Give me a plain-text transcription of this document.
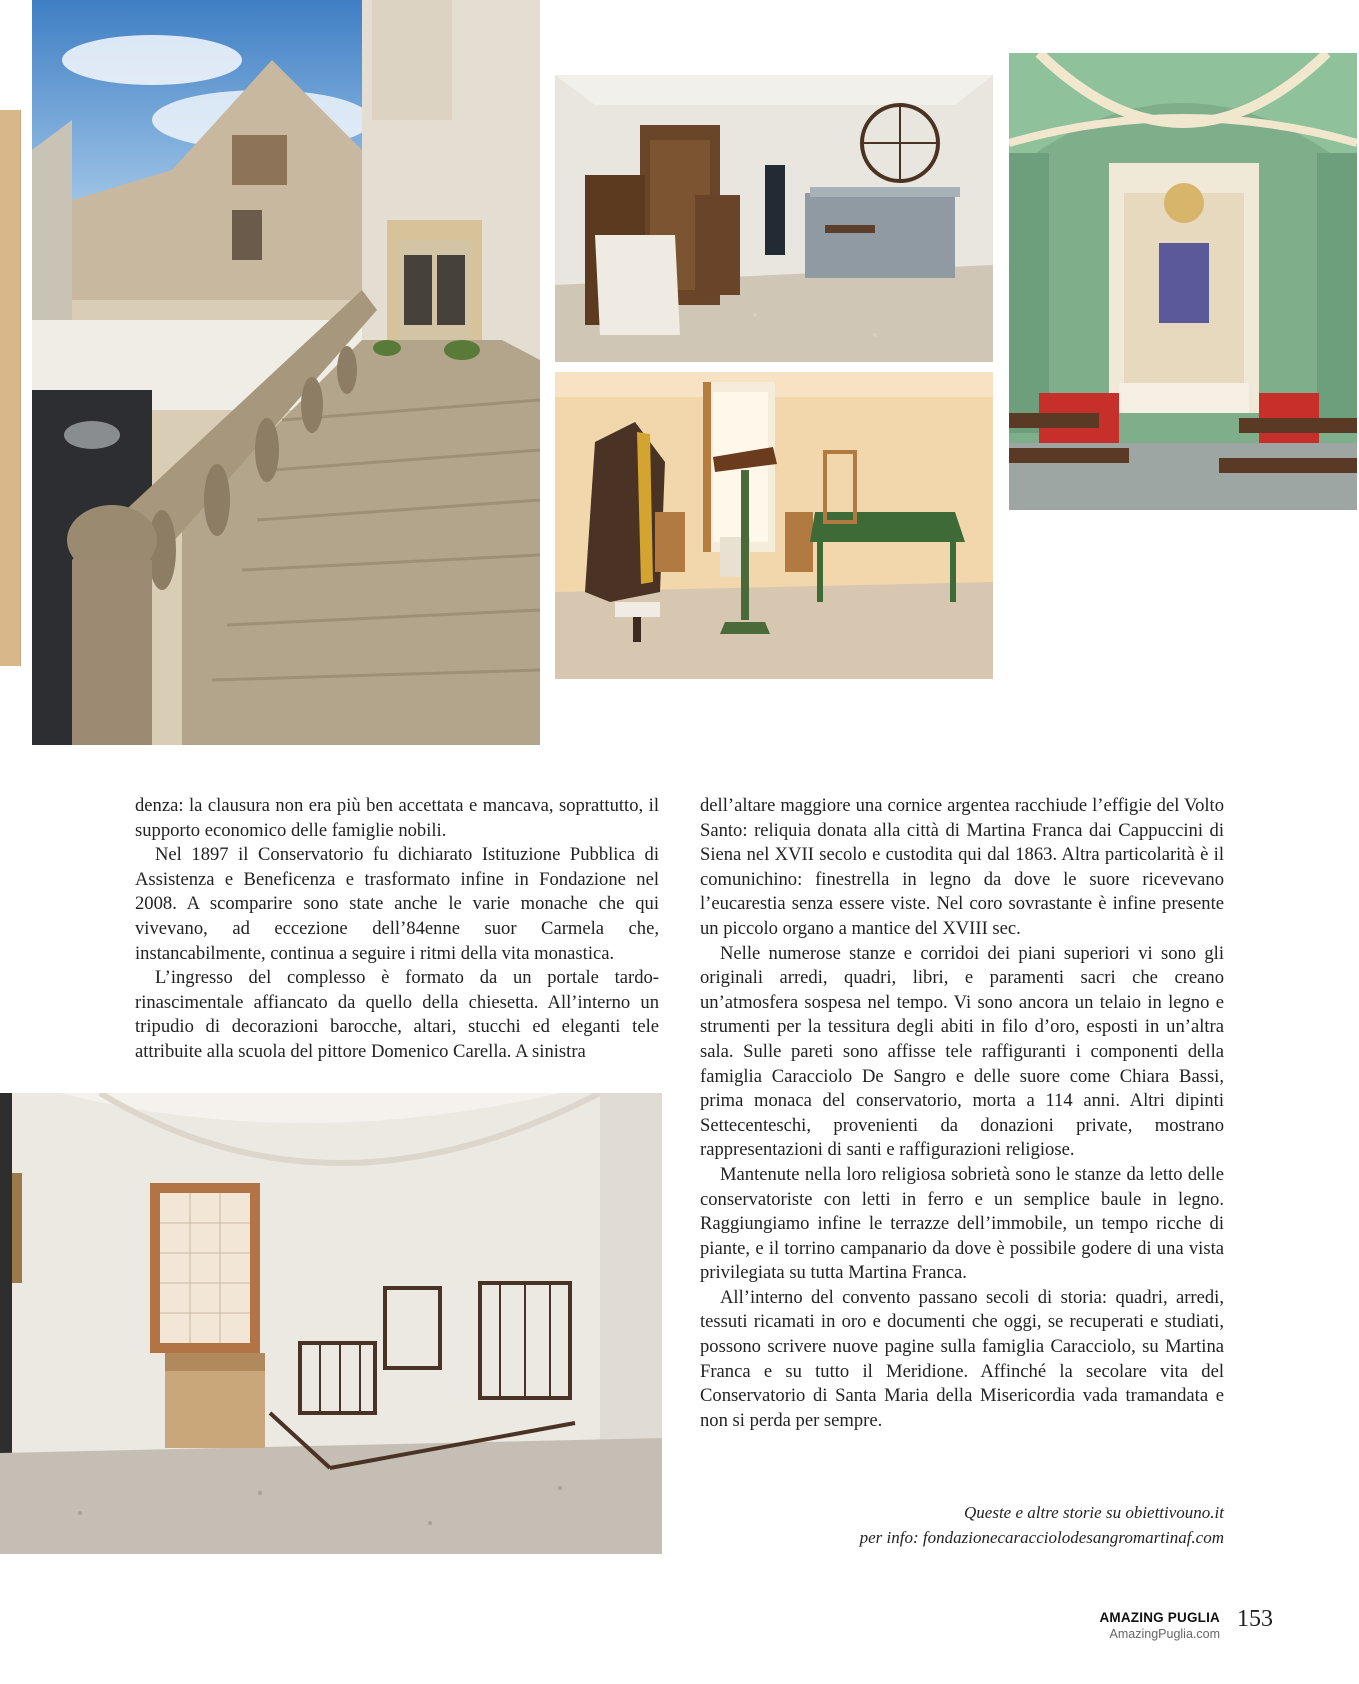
denza: la clausura non era più ben accettata e mancava, soprattutto, il supporto economico delle famiglie nobili.

Nel 1897 il Conservatorio fu dichiarato Istituzione Pubblica di Assistenza e Beneficenza e trasformato infine in Fondazione nel 2008. A scomparire sono state anche le varie monache che qui vivevano, ad eccezione dell’84enne suor Carmela che, instancabilmente, continua a seguire i ritmi della vita monastica.

L’ingresso del complesso è formato da un portale tardo-rinascimentale affiancato da quello della chiesetta. All’interno un tripudio di decorazioni barocche, altari, stucchi ed eleganti tele attribuite alla scuola del pittore Domenico Carella. A sinistra

dell’altare maggiore una cornice argentea racchiude l’effigie del Volto Santo: reliquia donata alla città di Martina Franca dai Cappuccini di Siena nel XVII secolo e custodita qui dal 1863. Altra particolarità è il comunichino: finestrella in legno da dove le suore ricevevano l’eucarestia senza essere viste. Nel coro sovrastante è infine presente un piccolo organo a mantice del XVIII sec.

Nelle numerose stanze e corridoi dei piani superiori vi sono gli originali arredi, quadri, libri, e paramenti sacri che creano un’atmosfera sospesa nel tempo. Vi sono ancora un telaio in legno e strumenti per la tessitura degli abiti in filo d’oro, esposti in un’altra sala. Sulle pareti sono affisse tele raffiguranti i componenti della famiglia Caracciolo De Sangro e delle suore come Chiara Bassi, prima monaca del conservatorio, morta a 114 anni. Altri dipinti Settecenteschi, provenienti da donazioni private, mostrano rappresentazioni di santi e raffigurazioni religiose.

Mantenute nella loro religiosa sobrietà sono le stanze da letto delle conservatoriste con letti in ferro e un semplice baule in legno. Raggiungiamo infine le terrazze dell’immobile, un tempo ricche di piante, e il torrino campanario da dove è possibile godere di una vista privilegiata su tutta Martina Franca.

All’interno del convento passano secoli di storia: quadri, arredi, tessuti ricamati in oro e documenti che oggi, se recuperati e studiati, possono scrivere nuove pagine sulla famiglia Caracciolo, su Martina Franca e su tutto il Meridione. Affinché la secolare vita del Conservatorio di Santa Maria della Misericordia vada tramandata e non si perda per sempre.

Queste e altre storie su obiettivouno.it
per info: fondazionecaracciolodesangromartinaf.com
AMAZING PUGLIA
AmazingPuglia.com
153
